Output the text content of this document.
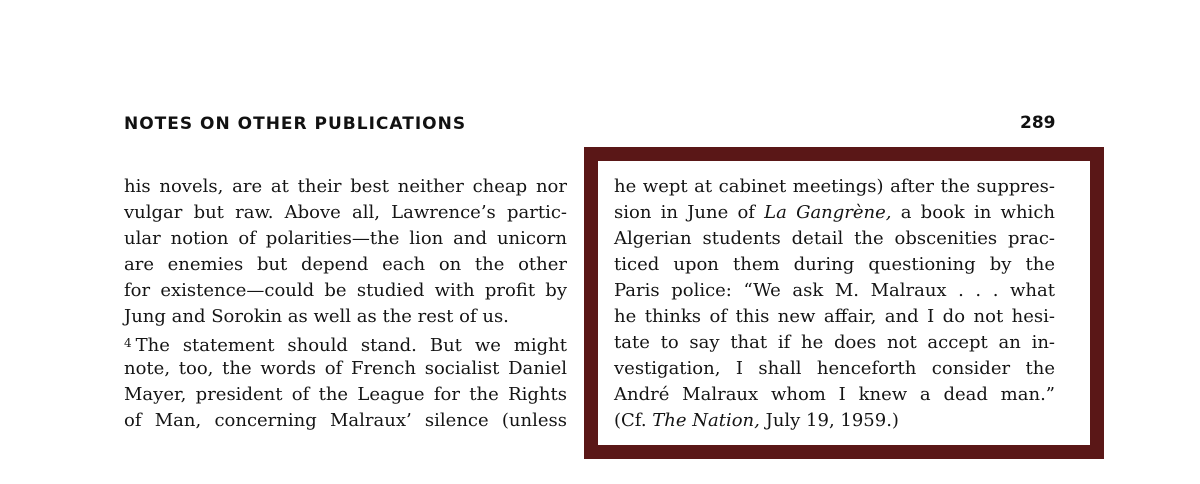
NOTES ON OTHER PUBLICATIONS	289
his novels, are at their best neither cheap nor
vulgar but raw. Above all, Lawrence’s partic-
ular notion of polarities—the lion and unicorn
are enemies but depend each on the other
for existence—could be studied with profit by
Jung and Sorokin as well as the rest of us.
$^4$ The statement should stand. But we might
note, too, the words of French socialist Daniel
Mayer, president of the League for the Rights
of Man, concerning Malraux’ silence (unless
he wept at cabinet meetings) after the suppres-
sion in June of La Gangrène, a book in which
Algerian students detail the obscenities prac-
ticed upon them during questioning by the
Paris police: “We ask M. Malraux . . . what
he thinks of this new affair, and I do not hesi-
tate to say that if he does not accept an in-
vestigation, I shall henceforth consider the
André Malraux whom I knew a dead man.”
(Cf. The Nation, July 19, 1959.)
